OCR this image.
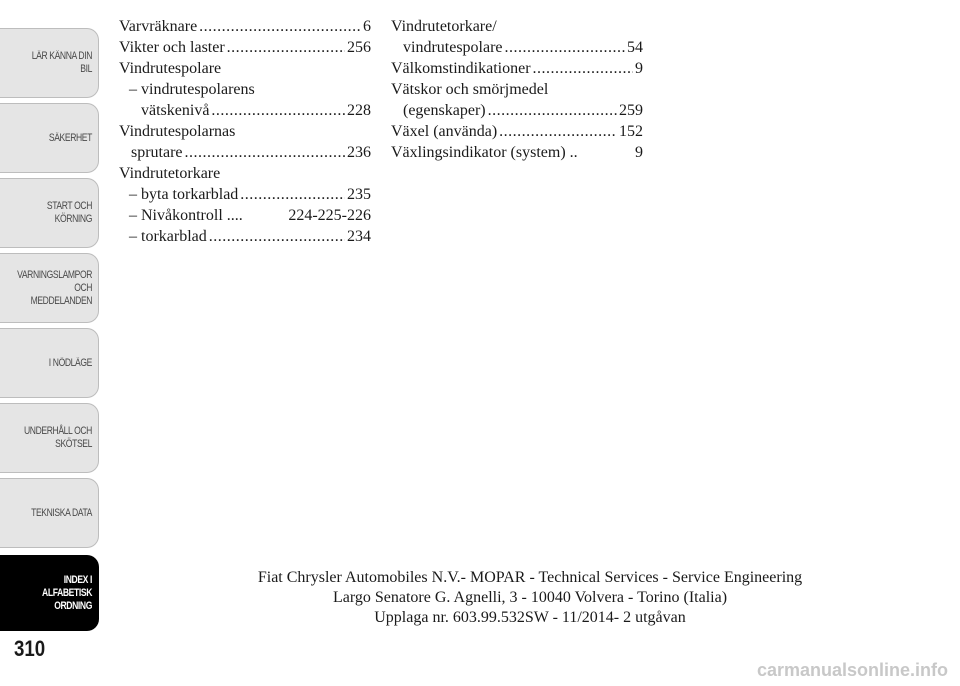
LÄR KÄNNA DIN
BIL
SÄKERHET
START OCH
KÖRNING
VARNINGSLAMPOR
OCH
MEDDELANDEN
I NÖDLÄGE
UNDERHÅLL OCH
SKÖTSEL
TEKNISKA DATA
INDEX I
ALFABETISK
ORDNING
310
Varvräknare .....	6
Vikter och laster .....	256
Vindrutespolare
– vindrutespolarens
vätskenivå .....	228
Vindrutespolarnas
sprutare .....	236
Vindrutetorkare
– byta torkarblad .....	235
– Nivåkontroll ....	224-225-226
– torkarblad .....	234
Vindrutetorkare/
vindrutespolare .....	54
Välkomstindikationer .....	9
Vätskor och smörjmedel
(egenskaper) .....	259
Växel (använda) .....	152
Växlingsindikator (system) ..	9
Fiat Chrysler Automobiles N.V.- MOPAR - Technical Services - Service Engineering
Largo Senatore G. Agnelli, 3 - 10040 Volvera - Torino (Italia)
Upplaga nr. 603.99.532SW - 11/2014- 2 utgåvan
carmanualsonline.info
